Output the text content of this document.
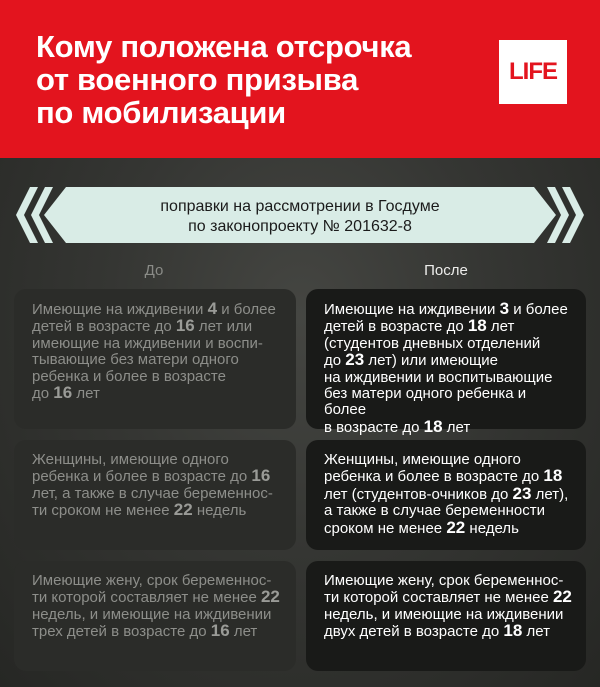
Кому положена отсрочка
от военного призыва
по мобилизации
LIFE
поправки на рассмотрении в Госдуме
по законопроекту № 201632-8
До	После
Имеющие на иждивении 4 и более
детей в возрасте до 16 лет или
имеющие на иждивении и воспи-
тывающие без матери одного
ребенка и более в возрасте
до 16 лет
Имеющие на иждивении 3 и более
детей в возрасте до 18 лет
(студентов дневных отделений
до 23 лет) или имеющие
на иждивении и воспитывающие
без матери одного ребенка и более
в возрасте до 18 лет
Женщины, имеющие одного
ребенка и более в возрасте до 16
лет, а также в случае беременнос-
ти сроком не менее 22 недель
Женщины, имеющие одного
ребенка и более в возрасте до 18
лет (студентов-очников до 23 лет),
а также в случае беременности
сроком не менее 22 недель
Имеющие жену, срок беременнос-
ти которой составляет не менее 22
недель, и имеющие на иждивении
трех детей в возрасте до 16 лет
Имеющие жену, срок беременнос-
ти которой составляет не менее 22
недель, и имеющие на иждивении
двух детей в возрасте до 18 лет
